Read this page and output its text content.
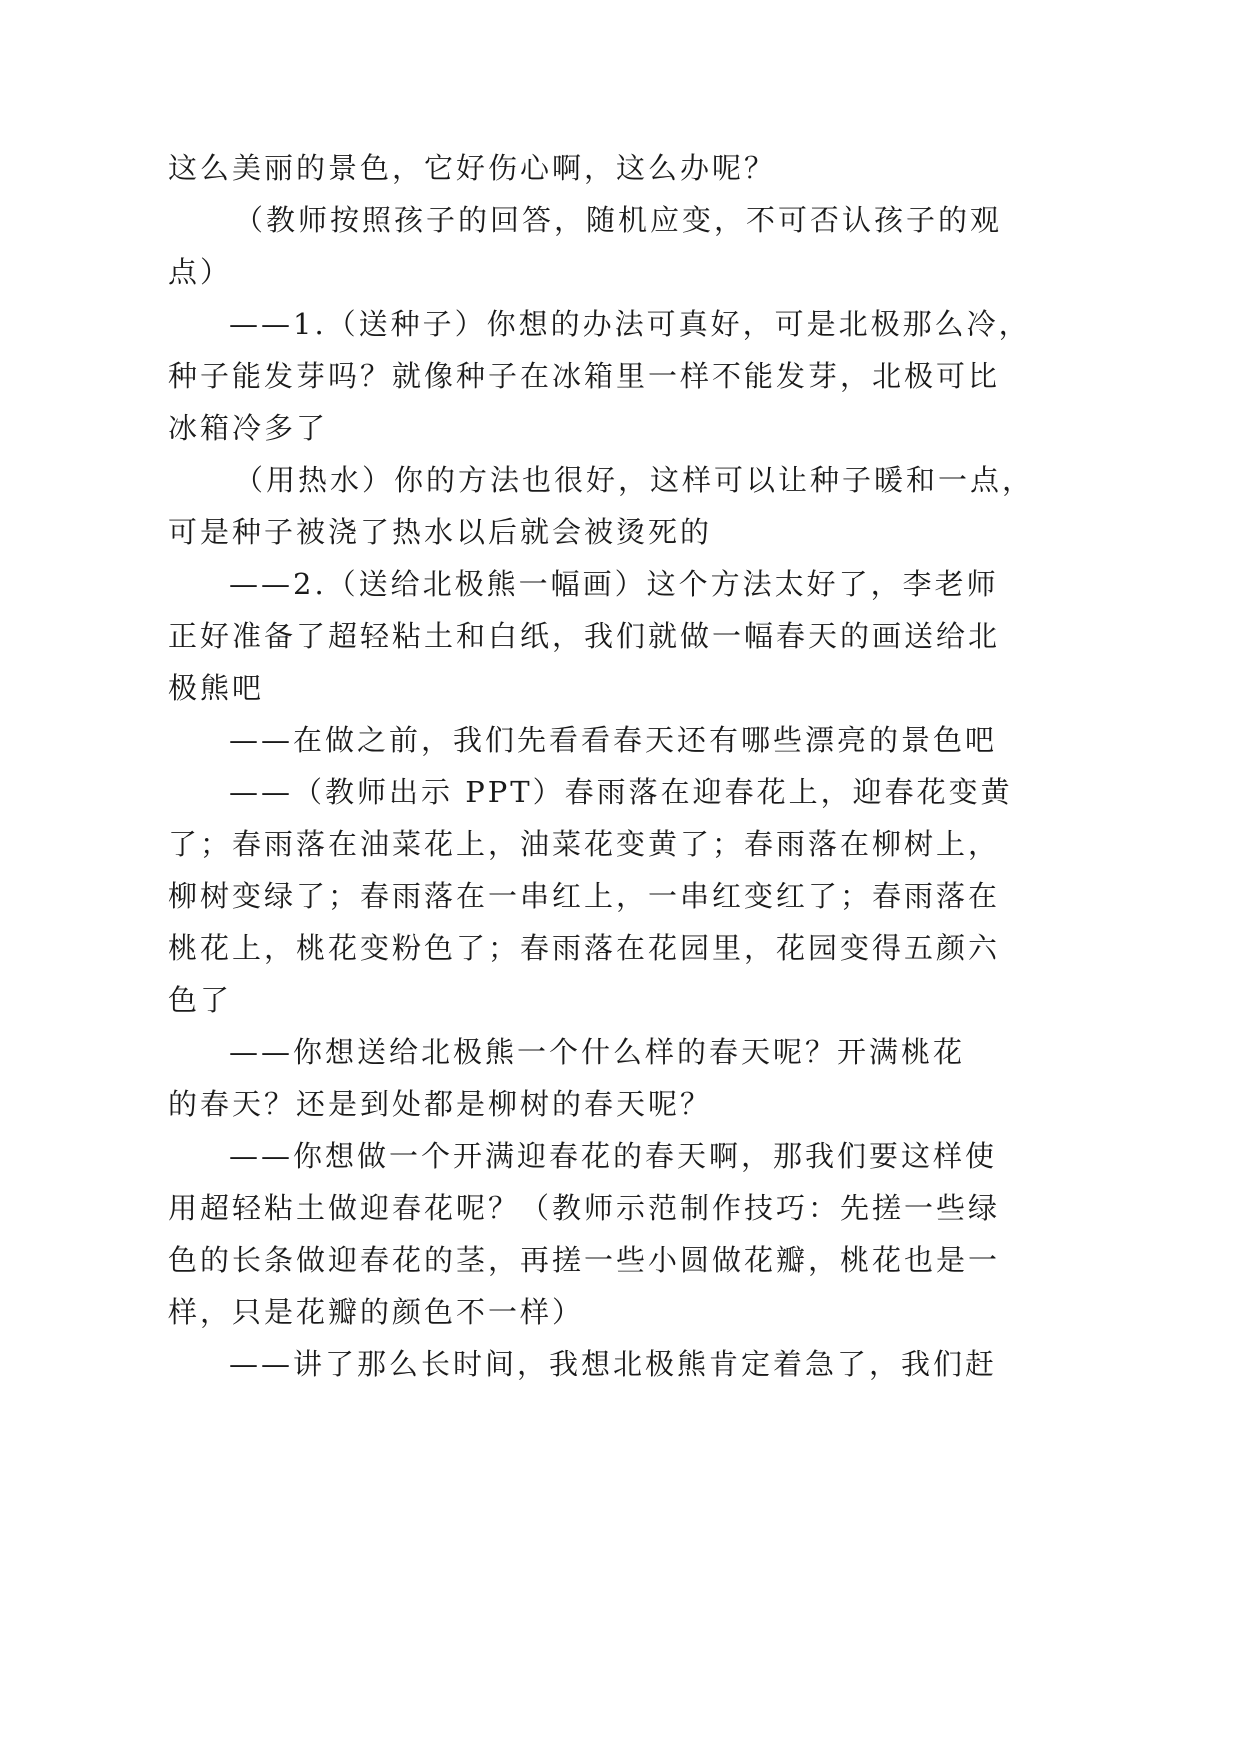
这么美丽的景色，它好伤心啊，这么办呢？

（教师按照孩子的回答，随机应变，不可否认孩子的观

点）

——1.（送种子）你想的办法可真好，可是北极那么冷，

种子能发芽吗？就像种子在冰箱里一样不能发芽，北极可比

冰箱冷多了

（用热水）你的方法也很好，这样可以让种子暖和一点，

可是种子被浇了热水以后就会被烫死的

——2.（送给北极熊一幅画）这个方法太好了，李老师

正好准备了超轻粘土和白纸，我们就做一幅春天的画送给北

极熊吧

——在做之前，我们先看看春天还有哪些漂亮的景色吧

——（教师出示 PPT）春雨落在迎春花上，迎春花变黄

了；春雨落在油菜花上，油菜花变黄了；春雨落在柳树上，

柳树变绿了；春雨落在一串红上，一串红变红了；春雨落在

桃花上，桃花变粉色了；春雨落在花园里，花园变得五颜六

色了

——你想送给北极熊一个什么样的春天呢？开满桃花

的春天？还是到处都是柳树的春天呢？

——你想做一个开满迎春花的春天啊，那我们要这样使

用超轻粘土做迎春花呢？（教师示范制作技巧：先搓一些绿

色的长条做迎春花的茎，再搓一些小圆做花瓣，桃花也是一

样，只是花瓣的颜色不一样）

——讲了那么长时间，我想北极熊肯定着急了，我们赶
